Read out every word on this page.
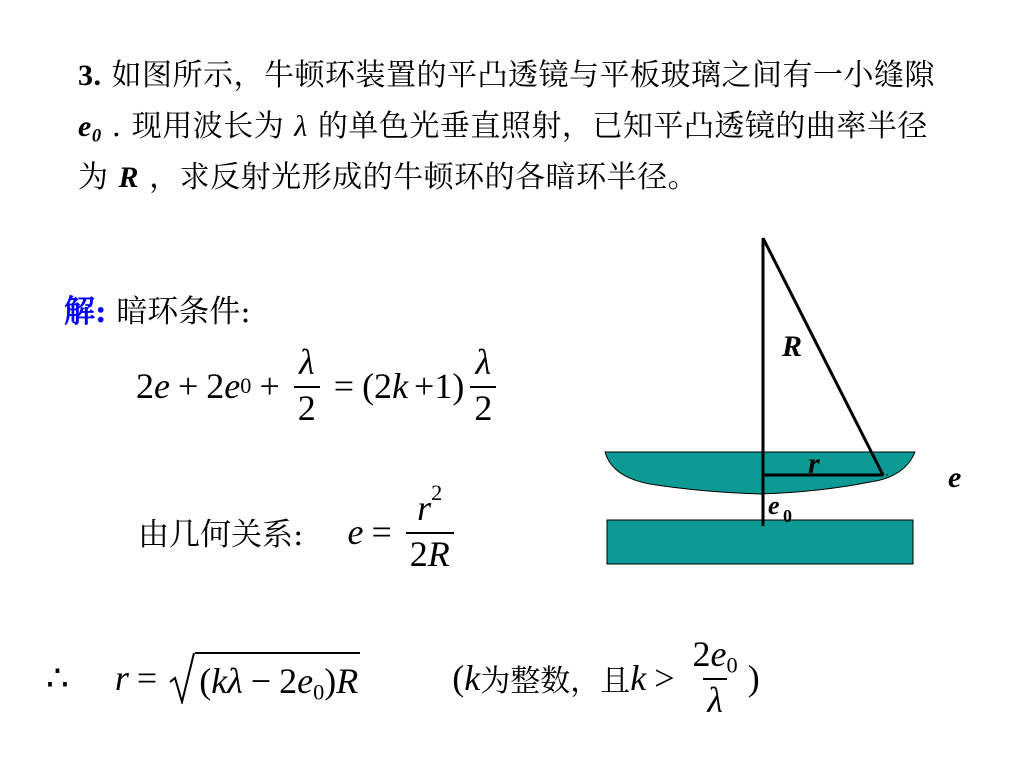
3. 如图所示，牛顿环装置的平凸透镜与平板玻璃之间有一小缝隙 $e_0$ . 现用波长为 λ 的单色光垂直照射，已知平凸透镜的曲率半径为 R ，求反射光形成的牛顿环的各暗环半径。
解: 暗环条件:
2 e + 2 e $0 + \frac{\lambda}{2} = (2$ $k +1) \frac{\lambda}{2}$
由几何关系: $e = \frac{r^2}{2R}$
∴ $r = (k\lambda - 2e_0)R$	( k 为整数，且 $k > \frac{2e_0}{\lambda}$ )
R
r	e
e 0
